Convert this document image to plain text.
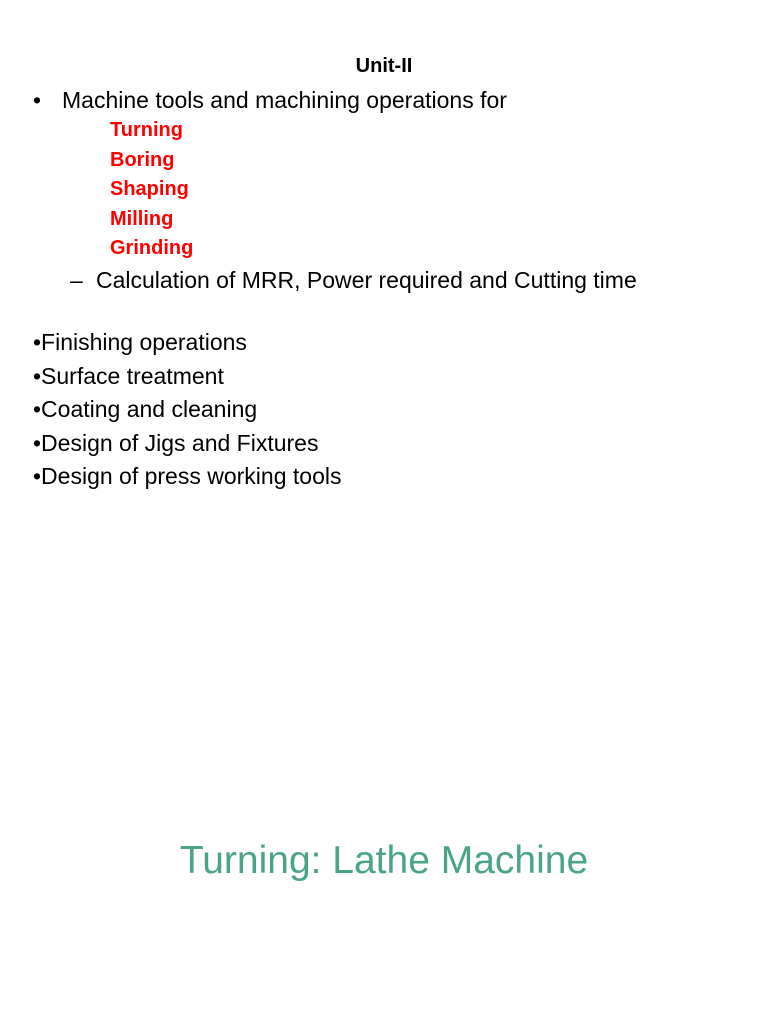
Unit-II
• Machine tools and machining operations for
Turning
Boring
Shaping
Milling
Grinding
– Calculation of MRR, Power required and Cutting time
•Finishing operations
•Surface treatment
•Coating and cleaning
•Design of Jigs and Fixtures
•Design of press working tools
Turning: Lathe Machine
